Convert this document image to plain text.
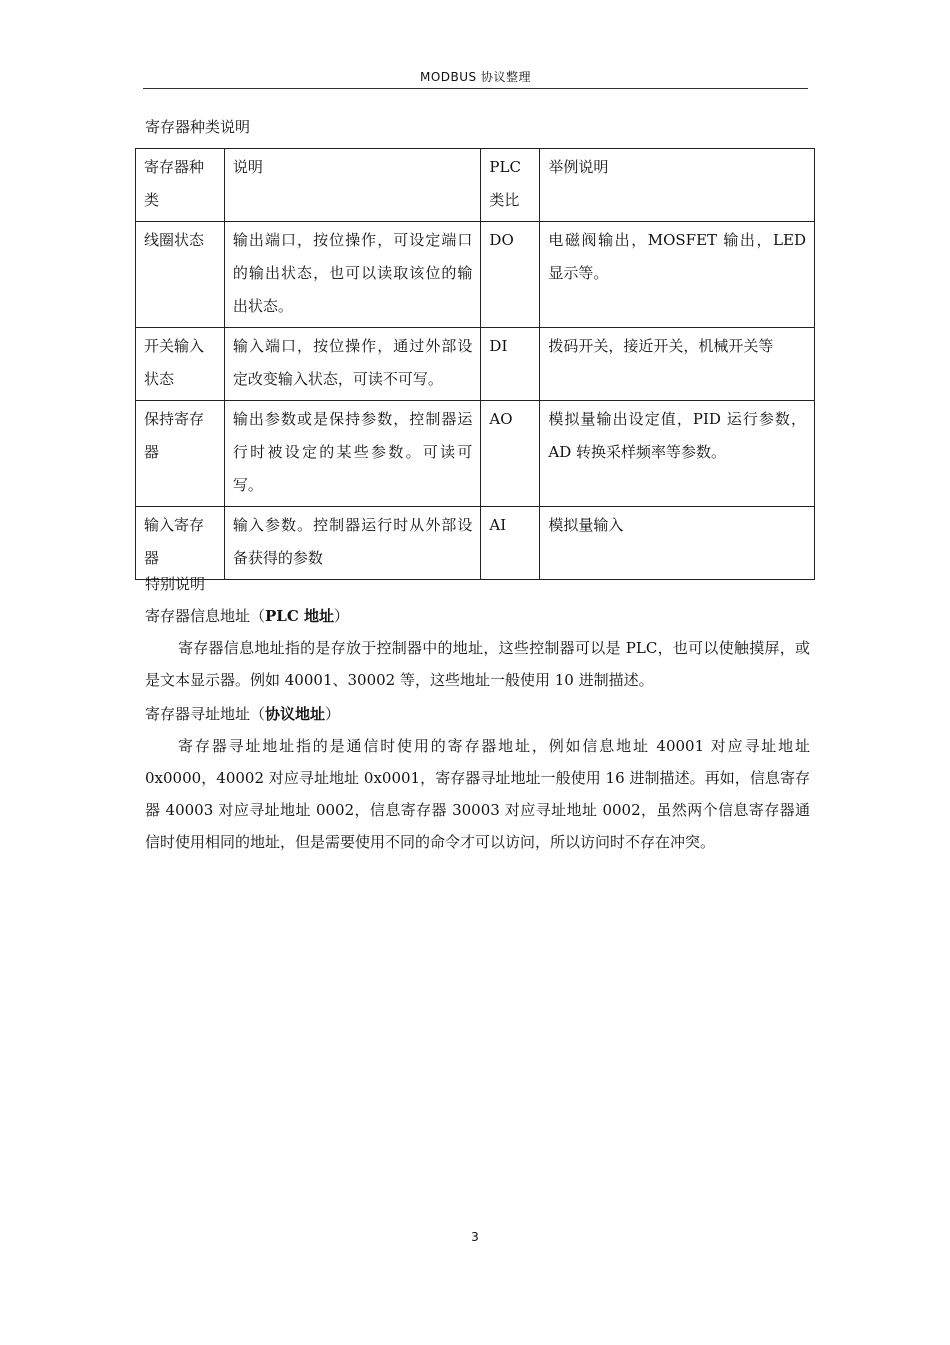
MODBUS 协议整理
寄存器种类说明
寄存器种类	说明	PLC 类比	举例说明
线圈状态	输出端口，按位操作，可设定端口的输出状态，也可以读取该位的输出状态。	DO	电磁阀输出，MOSFET 输出，LED 显示等。
开关输入状态	输入端口，按位操作，通过外部设定改变输入状态，可读不可写。	DI	拨码开关，接近开关，机械开关等
保持寄存器	输出参数或是保持参数，控制器运行时被设定的某些参数。可读可写。	AO	模拟量输出设定值，PID 运行参数，AD 转换采样频率等参数。
输入寄存器	输入参数。控制器运行时从外部设备获得的参数	AI	模拟量输入
特别说明
寄存器信息地址（PLC 地址）

寄存器信息地址指的是存放于控制器中的地址，这些控制器可以是 PLC，也可以使触摸屏，或是文本显示器。例如 40001、30002 等，这些地址一般使用 10 进制描述。

寄存器寻址地址（协议地址）

寄存器寻址地址指的是通信时使用的寄存器地址，例如信息地址 40001 对应寻址地址 0x0000，40002 对应寻址地址 0x0001，寄存器寻址地址一般使用 16 进制描述。再如，信息寄存器 40003 对应寻址地址 0002，信息寄存器 30003 对应寻址地址 0002，虽然两个信息寄存器通信时使用相同的地址，但是需要使用不同的命令才可以访问，所以访问时不存在冲突。

3
